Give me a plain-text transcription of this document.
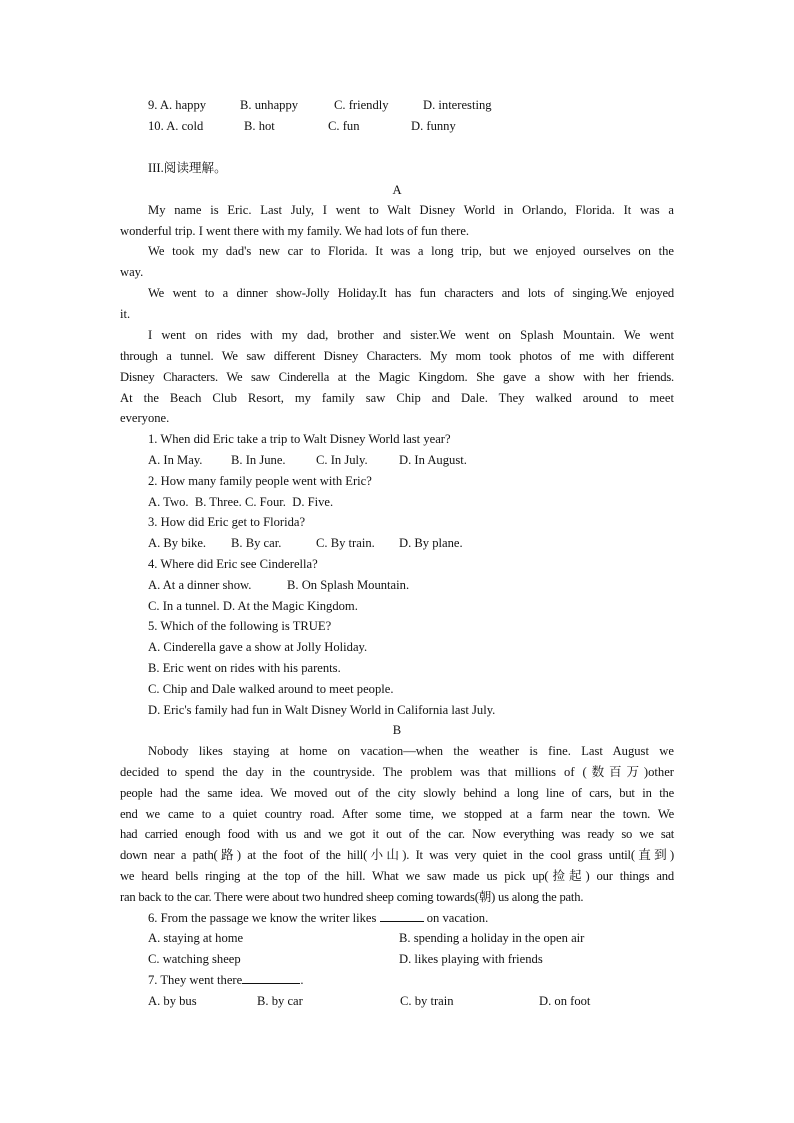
9. A. happy	B. unhappy	C. friendly	D. interesting
10. A. cold	B. hot	C. fun	D. funny
III.阅读理解。
A
My name is Eric. Last July, I went to Walt Disney World in Orlando, Florida. It was a
wonderful trip. I went there with my family. We had lots of fun there.
We took my dad's new car to Florida. It was a long trip, but we enjoyed ourselves on the
way.
We went to a dinner show-Jolly Holiday.It has fun characters and lots of singing.We enjoyed
it.
I went on rides with my dad, brother and sister.We went on Splash Mountain. We went
through a tunnel. We saw different Disney Characters. My mom took photos of me with different
Disney Characters. We saw Cinderella at the Magic Kingdom. She gave a show with her friends.
At the Beach Club Resort, my family saw Chip and Dale. They walked around to meet
everyone.
1. When did Eric take a trip to Walt Disney World last year?
A. In May. B. In June. C. In July. D. In August.
2. How many family people went with Eric?
A. Two. B. Three. C. Four. D. Five.
3. How did Eric get to Florida?
A. By bike. B. By car.	C. By train. D. By plane.
4. Where did Eric see Cinderella?
A. At a dinner show.	B. On Splash Mountain.
C. In a tunnel. D. At the Magic Kingdom.
5. Which of the following is TRUE?
A. Cinderella gave a show at Jolly Holiday.
B. Eric went on rides with his parents.
C. Chip and Dale walked around to meet people.
D. Eric's family had fun in Walt Disney World in California last July.
B
Nobody likes staying at home on vacation—when the weather is fine. Last August we
decided to spend the day in the countryside. The problem was that millions of (数百万)other
people had the same idea. We moved out of the city slowly behind a long line of cars, but in the
end we came to a quiet country road. After some time, we stopped at a farm near the town. We
had carried enough food with us and we got it out of the car. Now everything was ready so we sat
down near a path(路) at the foot of the hill(小山). It was very quiet in the cool grass until(直到)
we heard bells ringing at the top of the hill. What we saw made us pick up(捡起) our things and
ran back to the car. There were about two hundred sheep coming towards(朝) us along the path.
6. From the passage we know the writer likes	on vacation.
A. staying at home	B. spending a holiday in the open air
C. watching sheep	D. likes playing with friends
7. They went there	.
A. by bus	B. by car	C. by train	D. on foot
